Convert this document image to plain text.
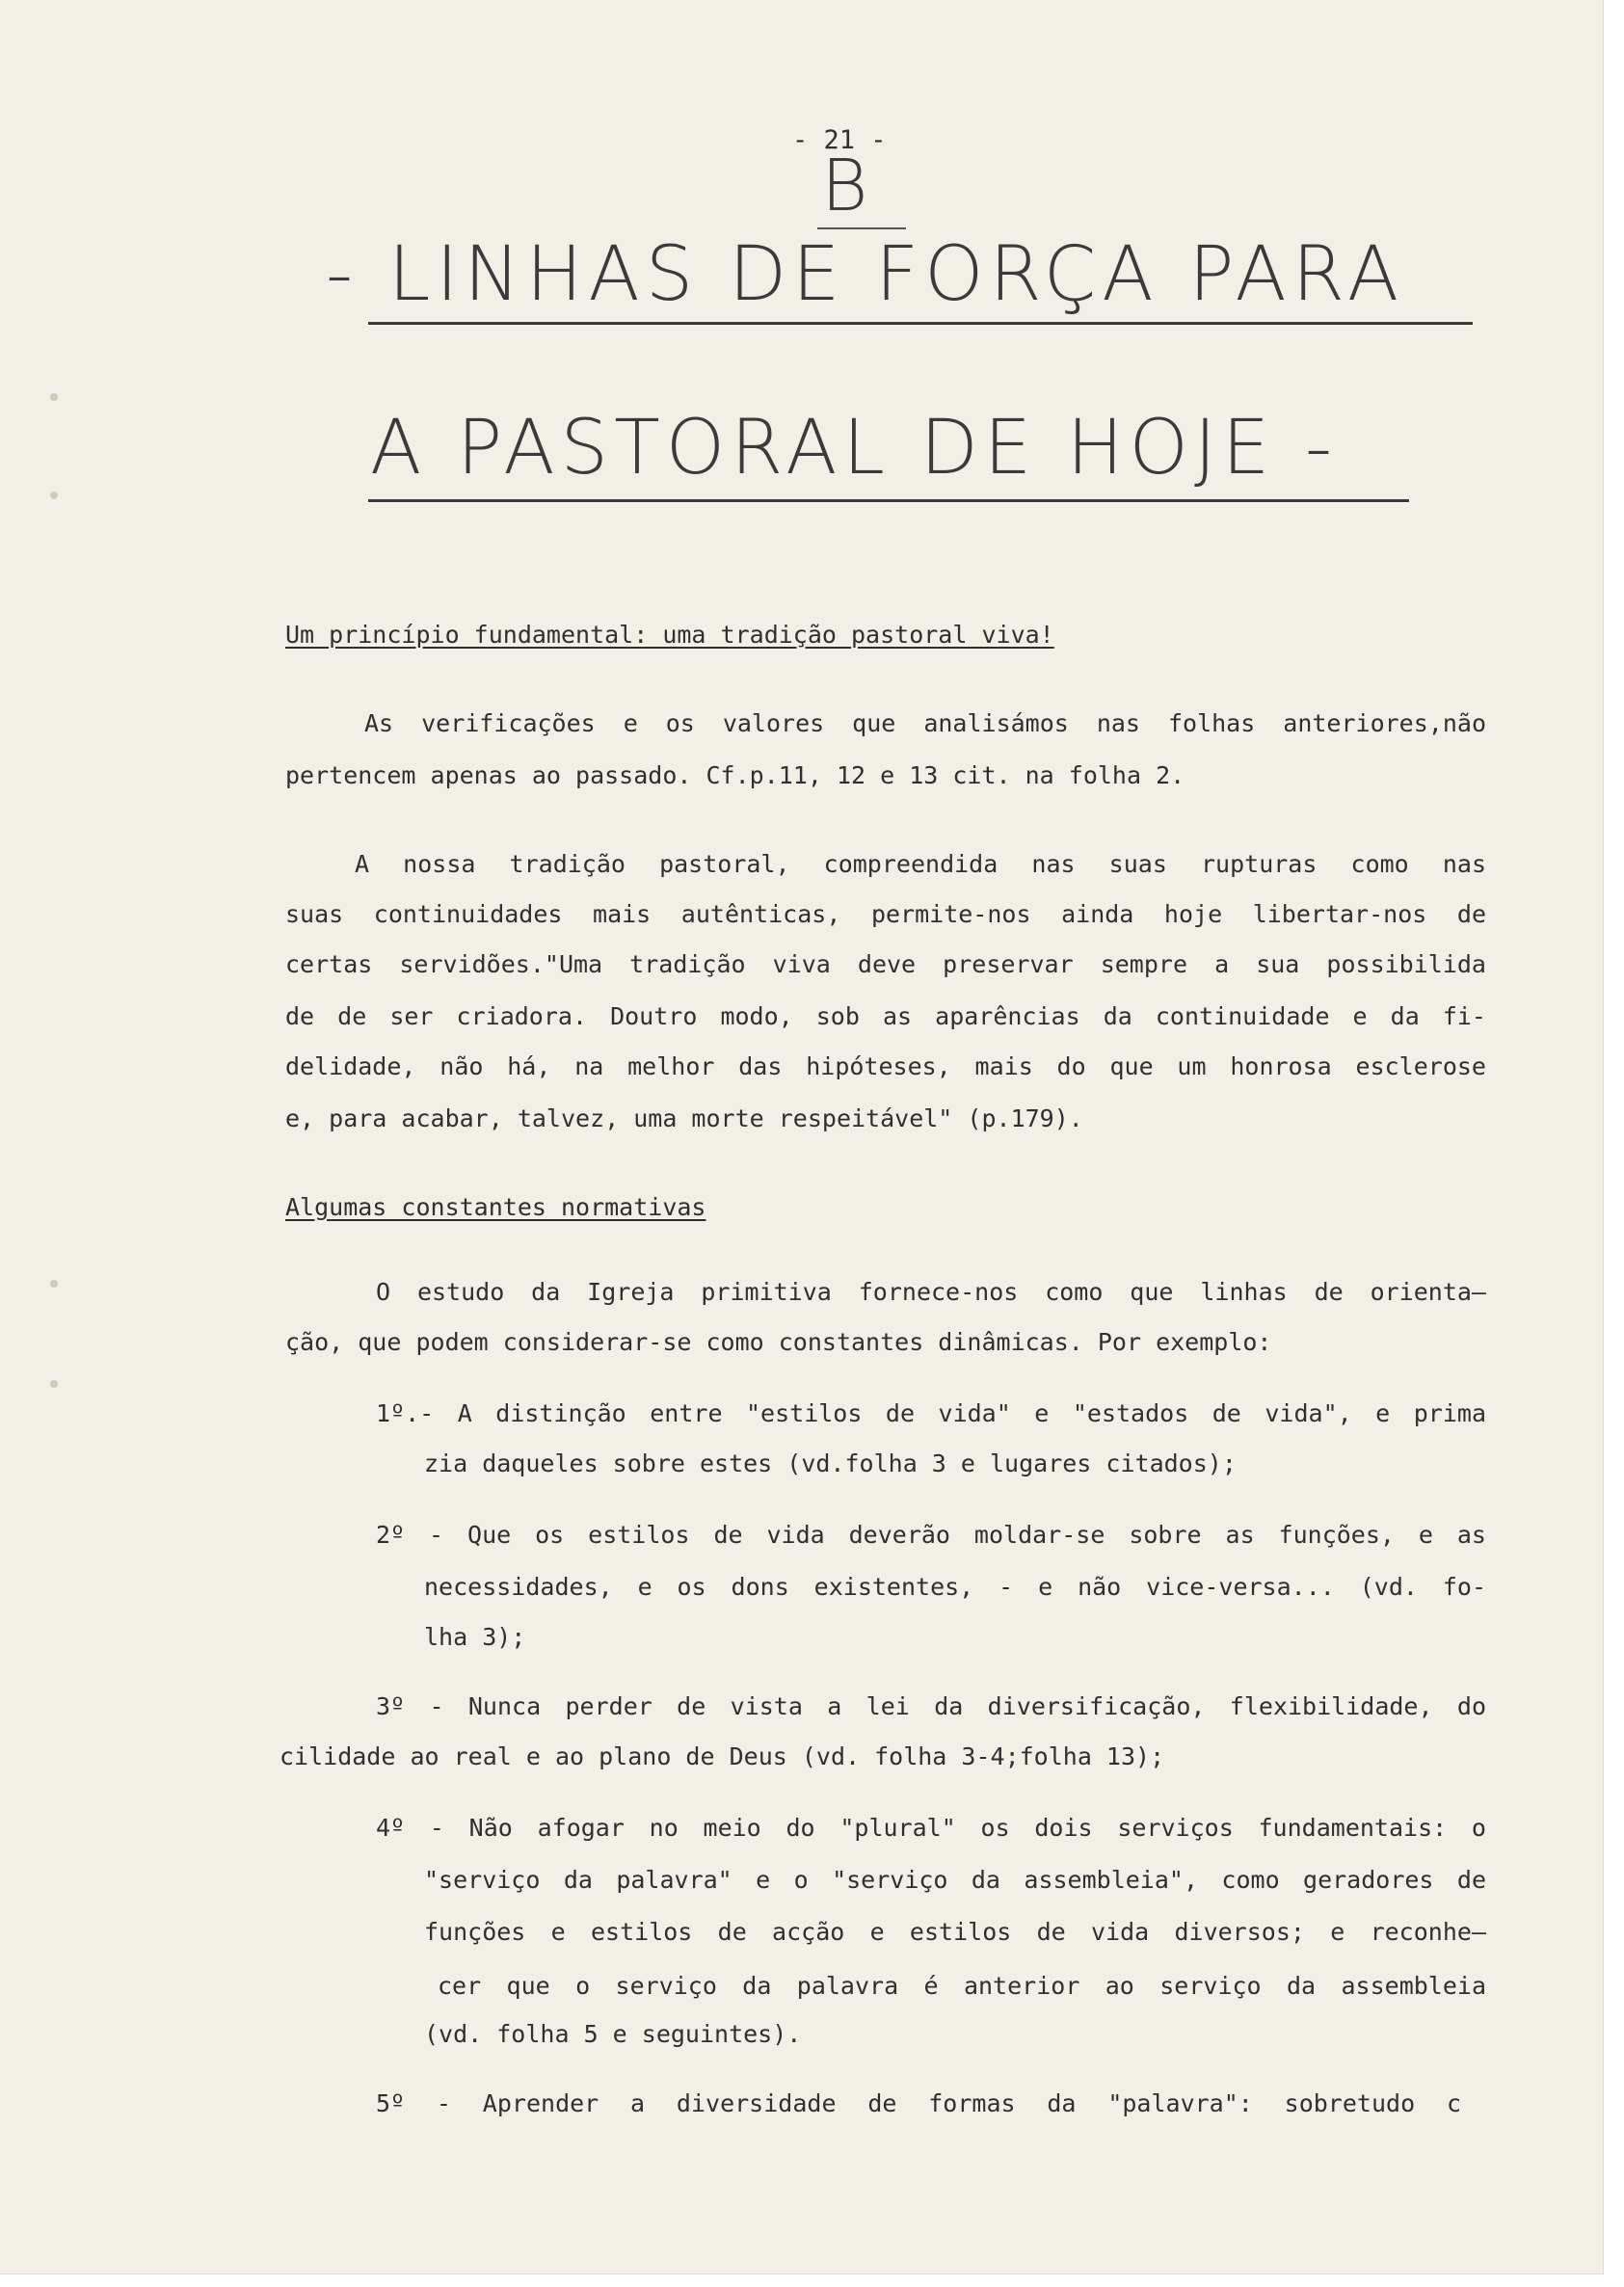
- 21 -
B
- LINHAS DE FORÇA PARA
A PASTORAL DE HOJE -
Um princípio fundamental: uma tradição pastoral viva!
As verificações e os valores que analisámos nas folhas anteriores,não
pertencem apenas ao passado. Cf.p.11, 12 e 13 cit. na folha 2.
A nossa tradição pastoral, compreendida nas suas rupturas como nas
suas continuidades mais autênticas, permite-nos ainda hoje libertar-nos de
certas servidões."Uma tradição viva deve preservar sempre a sua possibilida
de de ser criadora. Doutro modo, sob as aparências da continuidade e da fi-
delidade, não há, na melhor das hipóteses, mais do que um honrosa esclerose
e, para acabar, talvez, uma morte respeitável" (p.179).
Algumas constantes normativas
O estudo da Igreja primitiva fornece-nos como que linhas de orienta—
ção, que podem considerar-se como constantes dinâmicas. Por exemplo:
1º.- A distinção entre "estilos de vida" e "estados de vida", e prima
zia daqueles sobre estes (vd.folha 3 e lugares citados);
2º - Que os estilos de vida deverão moldar-se sobre as funções, e as
necessidades, e os dons existentes, - e não vice-versa... (vd. fo-
lha 3);
3º - Nunca perder de vista a lei da diversificação, flexibilidade, do
cilidade ao real e ao plano de Deus (vd. folha 3-4;folha 13);
4º - Não afogar no meio do "plural" os dois serviços fundamentais: o
"serviço da palavra" e o "serviço da assembleia", como geradores de
funções e estilos de acção e estilos de vida diversos; e reconhe—
cer que o serviço da palavra é anterior ao serviço da assembleia
(vd. folha 5 e seguintes).
5º - Aprender a diversidade de formas da "palavra": sobretudo c
